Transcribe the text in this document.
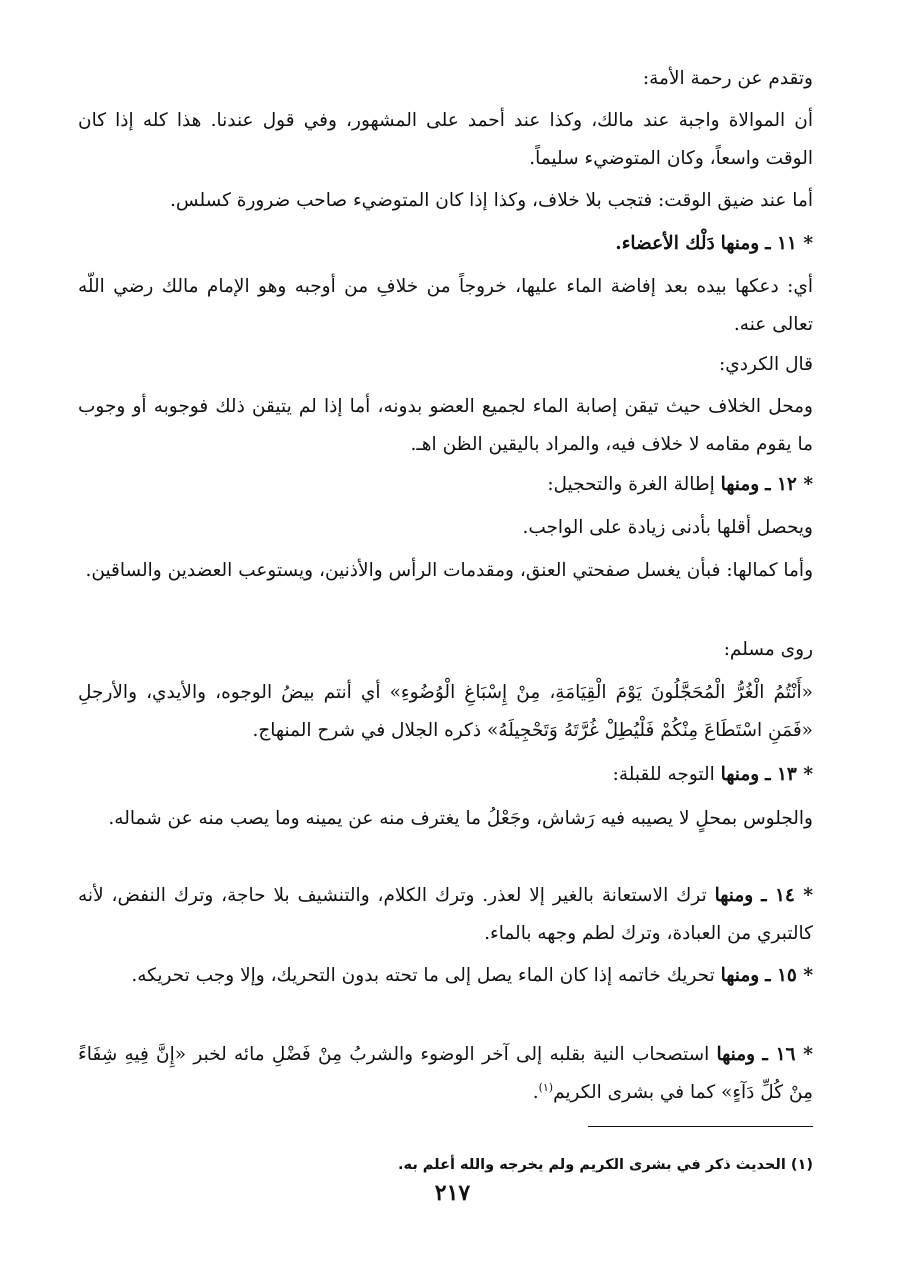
وتقدم عن رحمة الأمة:

أن الموالاة واجبة عند مالك، وكذا عند أحمد على المشهور، وفي قول عندنا. هذا كله إذا كان الوقت واسعاً، وكان المتوضيء سليماً.

أما عند ضيق الوقت: فتجب بلا خلاف، وكذا إذا كان المتوضيء صاحب ضرورة كسلس.

* ١١ ـ ومنها دَلْك الأعضاء.

أي: دعكها بيده بعد إفاضة الماء عليها، خروجاً من خلافِ من أوجبه وهو الإمام مالك رضي اللّه تعالى عنه.

قال الكردي:

ومحل الخلاف حيث تيقن إصابة الماء لجميع العضو بدونه، أما إذا لم يتيقن ذلك فوجوبه أو وجوب ما يقوم مقامه لا خلاف فيه، والمراد باليقين الظن اهـ.

* ١٢ ـ ومنها إطالة الغرة والتحجيل:

ويحصل أقلها بأدنى زيادة على الواجب.

وأما كمالها: فبأن يغسل صفحتي العنق، ومقدمات الرأس والأذنين، ويستوعب العضدين والساقين.

روى مسلم:

«أَنْتُمُ الْغُرُّ الْمُحَجَّلُونَ يَوْمَ الْقِيَامَةِ، مِنْ إِسْبَاغِ الْوُضُوءِ» أي أنتم بيضُ الوجوه، والأيدي، والأرجلِ «فَمَنِ اسْتَطَاعَ مِنْكُمْ فَلْيُطِلْ غُرَّتَهُ وَتَحْجِيلَهُ» ذكره الجلال في شرح المنهاج.

* ١٣ ـ ومنها التوجه للقبلة:

والجلوس بمحلٍ لا يصيبه فيه رَشاش، وجَعْلُ ما يغترف منه عن يمينه وما يصب منه عن شماله.

* ١٤ ـ ومنها ترك الاستعانة بالغير إلا لعذر. وترك الكلام، والتنشيف بلا حاجة، وترك النفض، لأنه كالتبري من العبادة، وترك لطم وجهه بالماء.

* ١٥ ـ ومنها تحريك خاتمه إذا كان الماء يصل إلى ما تحته بدون التحريك، وإلا وجب تحريكه.

* ١٦ ـ ومنها استصحاب النية بقلبه إلى آخر الوضوء والشربُ مِنْ فَضْلِ مائه لخبر «إِنَّ فِيهِ شِفَاءً مِنْ كُلِّ دَآءٍ» كما في بشرى الكريم$^{(١)}$.

(١) الحديث ذكر في بشرى الكريم ولم يخرجه والله أعلم به.

٢١٧
